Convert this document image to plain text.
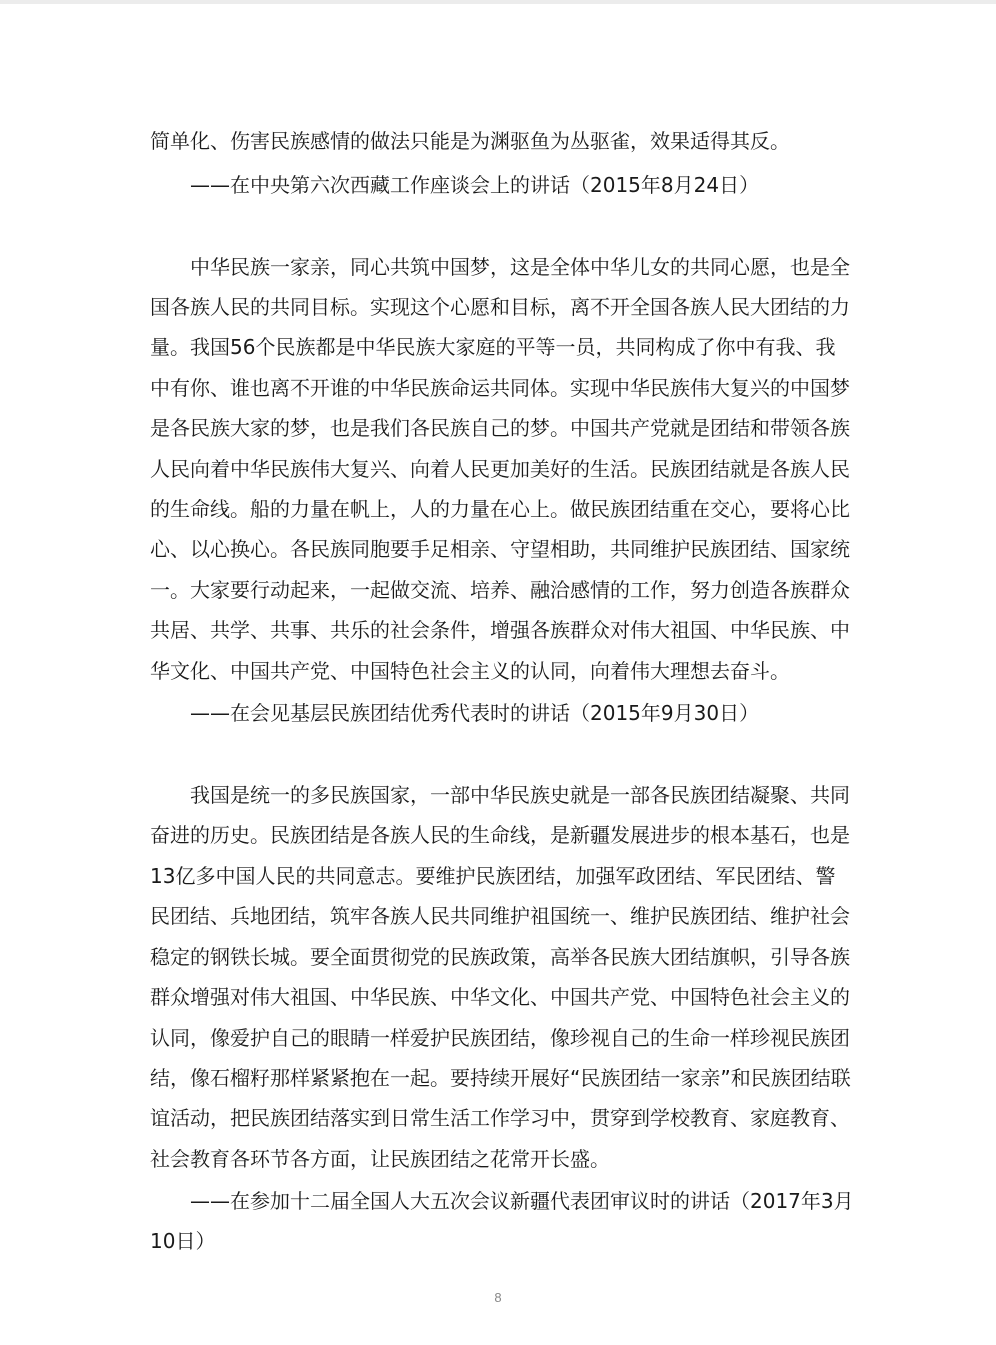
简单化、伤害民族感情的做法只能是为渊驱鱼为丛驱雀，效果适得其反。
——在中央第六次西藏工作座谈会上的讲话（2015年8月24日）
中华民族一家亲，同心共筑中国梦，这是全体中华儿女的共同心愿，也是全
国各族人民的共同目标。实现这个心愿和目标，离不开全国各族人民大团结的力
量。我国56个民族都是中华民族大家庭的平等一员，共同构成了你中有我、我
中有你、谁也离不开谁的中华民族命运共同体。实现中华民族伟大复兴的中国梦
是各民族大家的梦，也是我们各民族自己的梦。中国共产党就是团结和带领各族
人民向着中华民族伟大复兴、向着人民更加美好的生活。民族团结就是各族人民
的生命线。船的力量在帆上，人的力量在心上。做民族团结重在交心，要将心比
心、以心换心。各民族同胞要手足相亲、守望相助，共同维护民族团结、国家统
一。大家要行动起来，一起做交流、培养、融洽感情的工作，努力创造各族群众
共居、共学、共事、共乐的社会条件，增强各族群众对伟大祖国、中华民族、中
华文化、中国共产党、中国特色社会主义的认同，向着伟大理想去奋斗。
——在会见基层民族团结优秀代表时的讲话（2015年9月30日）
我国是统一的多民族国家，一部中华民族史就是一部各民族团结凝聚、共同
奋进的历史。民族团结是各族人民的生命线，是新疆发展进步的根本基石，也是
13亿多中国人民的共同意志。要维护民族团结，加强军政团结、军民团结、警
民团结、兵地团结，筑牢各族人民共同维护祖国统一、维护民族团结、维护社会
稳定的钢铁长城。要全面贯彻党的民族政策，高举各民族大团结旗帜，引导各族
群众增强对伟大祖国、中华民族、中华文化、中国共产党、中国特色社会主义的
认同，像爱护自己的眼睛一样爱护民族团结，像珍视自己的生命一样珍视民族团
结，像石榴籽那样紧紧抱在一起。要持续开展好“民族团结一家亲”和民族团结联
谊活动，把民族团结落实到日常生活工作学习中，贯穿到学校教育、家庭教育、
社会教育各环节各方面，让民族团结之花常开长盛。
——在参加十二届全国人大五次会议新疆代表团审议时的讲话（2017年3月
10日）
8
